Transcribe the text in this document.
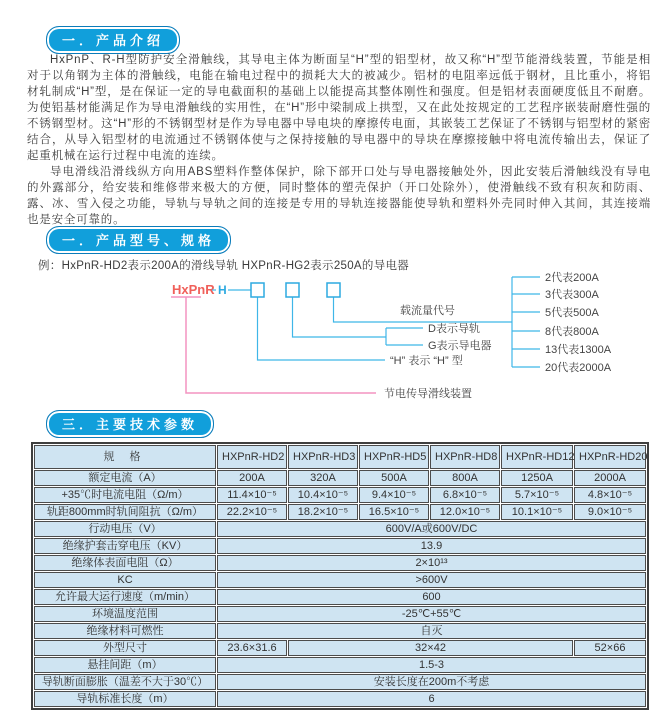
一．产品介绍

HxPnP、R-H型防护安全滑触线，其导电主体为断面呈“H”型的铝型材，故又称“H”型节能滑线装置，节能是相对于以角钢为主体的滑触线，电能在输电过程中的损耗大大的被减少。铝材的电阻率远低于钢材，且比重小，将铝材轧制成“H”型，是在保证一定的导电截面积的基础上以能提高其整体刚性和强度。但是铝材表面硬度低且不耐磨。为使铝基材能满足作为导电滑触线的实用性，在“H”形中梁制成上拱型，又在此处按规定的工艺程序嵌装耐磨性强的不锈钢型材。这“H”形的不锈钢型材是作为导电器中导电块的摩擦传电面，其嵌装工艺保证了不锈钢与铝型材的紧密结合，从导入铝型材的电流通过不锈钢体使与之保持接触的导电器中的导块在摩擦接触中将电流传输出去，保证了起重机械在运行过程中电流的连续。

导电滑线沿滑线纵方向用ABS塑料作整体保护，除下部开口处与导电器接触处外，因此安装后滑触线没有导电的外露部分，给安装和维修带来极大的方便，同时整体的塑壳保护（开口处除外），使滑触线不致有积灰和防雨、露、冰、雪入侵之功能，导轨与导轨之间的连接是专用的导轨连接器能使导轨和塑料外壳同时伸入其间，其连接端也是安全可靠的。

一．产品型号、规格
例：HxPnR-HD2表示200A的滑线导轨 HXPnR-HG2表示250A的导电器
HxPnR H
载流量代号
D表示导轨
G表示导电器
“H” 表示 “H” 型
节电传导滑线装置
2代表200A
3代表300A
5代表500A
8代表800A
13代表1300A
20代表2000A
三．主要技术参数
规 格	HXPnR-HD2	HXPnR-HD3	HXPnR-HD5	HXPnR-HD8	HXPnR-HD12	HXPnR-HD20
额定电流（A）	200A	320A	500A	800A	1250A	2000A
+35℃时电流电阻（Ω/m）	11.4×10⁻⁵	10.4×10⁻⁵	9.4×10⁻⁵	6.8×10⁻⁵	5.7×10⁻⁵	4.8×10⁻⁵
轨距800mm时轨间阻抗（Ω/m）	22.2×10⁻⁵	18.2×10⁻⁵	16.5×10⁻⁵	12.0×10⁻⁵	10.1×10⁻⁵	9.0×10⁻⁵
行动电压（V）	600V/A或600V/DC					
绝缘护套击穿电压（KV）	13.9					
绝缘体表面电阻（Ω）	2×10¹³					
KC	>600V					
允许最大运行速度（m/min）	600					
环境温度范围	-25℃+55℃					
绝缘材料可燃性	自灭					
外型尺寸	23.6×31.6	32×42				52×66
悬挂间距（m）	1.5-3					
导轨断面膨胀（温差不大于30℃）	安装长度在200m不考虑					
导轨标准长度（m）	6					
